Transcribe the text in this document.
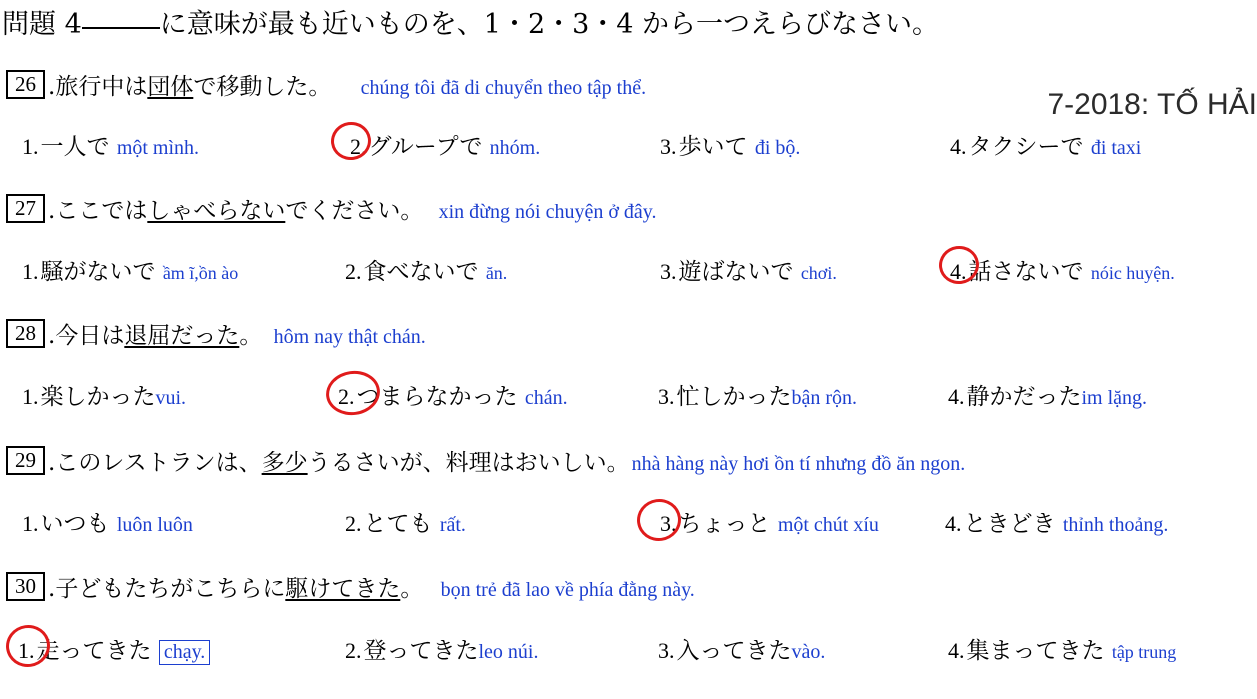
問題 4	に意味が最も近いものを、1・2・3・4 から一つえらびなさい。
7-2018: TỐ HẢI
26 .旅行中は団体で移動した。 chúng tôi đã di chuyển theo tập thể.
1.一人で một mình.	2.グループで nhóm.	3.歩いて đi bộ.	4.タクシーで đi taxi
27 .ここではしゃべらないでください。 xin đừng nói chuyện ở đây.
1.騒がないで ầm ĩ,ồn ào	2.食べないで ăn.	3.遊ばないで chơi.	4.話さないで nóic huyện.
28 .今日は退屈だった。 hôm nay thật chán.
1.楽しかったvui.	2.つまらなかった chán.	3.忙しかったbận rộn.	4.静かだったim lặng.
29 .このレストランは、多少うるさいが、料理はおいしい。 nhà hàng này hơi ồn tí nhưng đồ ăn ngon.
1.いつも luôn luôn	2.とても rất.	3.ちょっと một chút xíu	4.ときどき thỉnh thoảng.
30 .子どもたちがこちらに駆けてきた。 bọn trẻ đã lao về phía đằng này.
1.走ってきた chạy.	2.登ってきたleo núi.	3.入ってきたvào.	4.集まってきた tập trung
